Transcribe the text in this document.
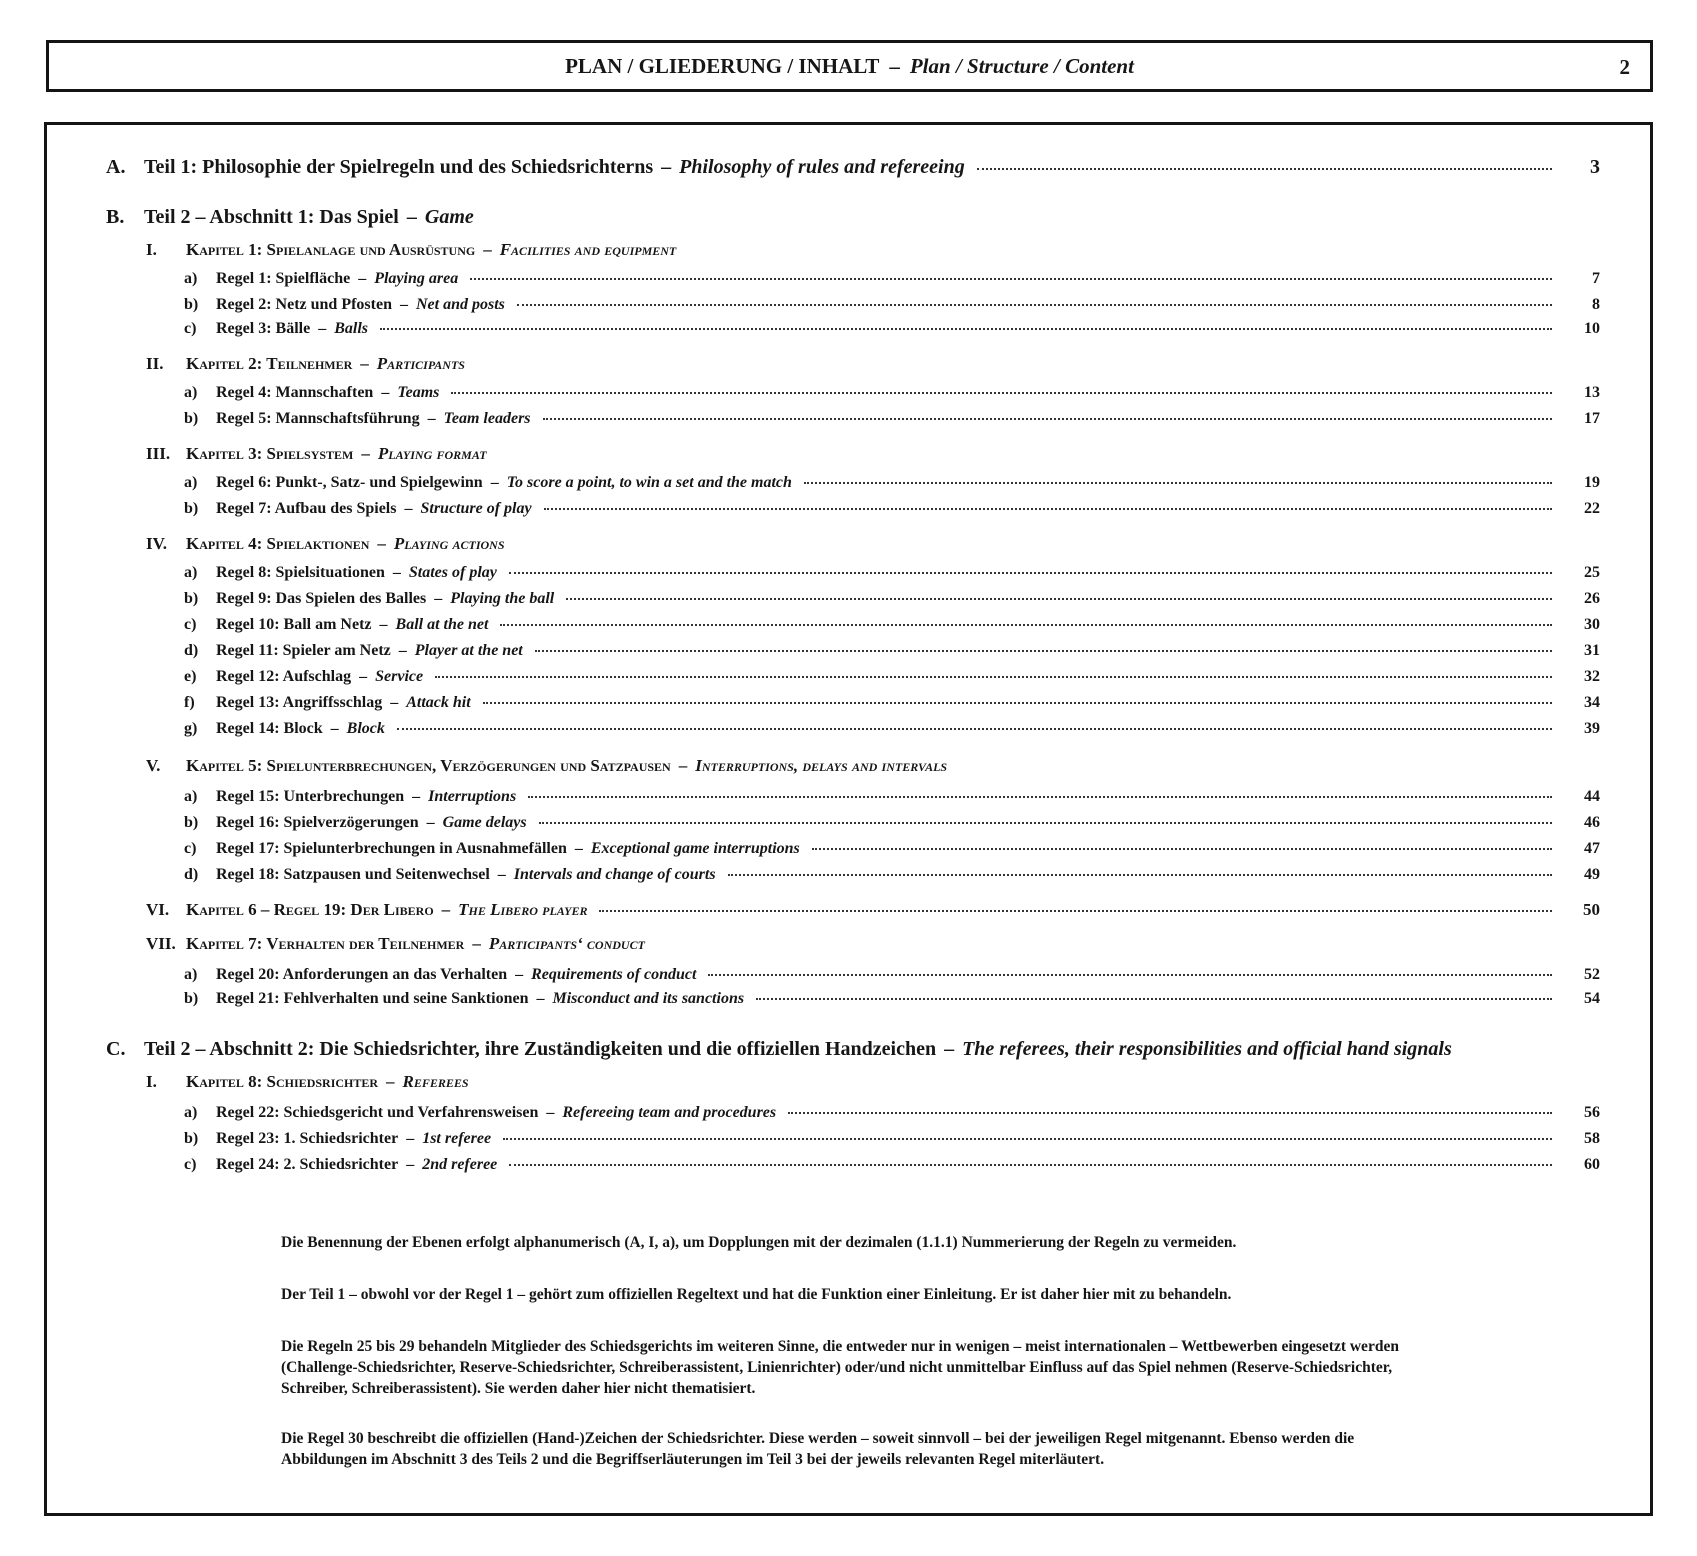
PLAN / GLIEDERUNG / INHALT – Plan / Structure / Content	2
A. Teil 1: Philosophie der Spielregeln und des Schiedsrichterns – Philosophy of rules and refereeing	3
B. Teil 2 – Abschnitt 1: Das Spiel – Game
I.	Kapitel 1: Spielanlage und Ausrüstung – Facilities and equipment
a)	Regel 1: Spielfläche – Playing area	7
b)	Regel 2: Netz und Pfosten – Net and posts	8
c)	Regel 3: Bälle – Balls	10
II.	Kapitel 2: Teilnehmer – Participants
a)	Regel 4: Mannschaften – Teams	13
b)	Regel 5: Mannschaftsführung – Team leaders	17
III. Kapitel 3: Spielsystem – Playing format
a)	Regel 6: Punkt-, Satz- und Spielgewinn – To score a point, to win a set and the match	19
b)	Regel 7: Aufbau des Spiels – Structure of play	22
IV.	Kapitel 4: Spielaktionen – Playing actions
a)	Regel 8: Spielsituationen – States of play	25
b)	Regel 9: Das Spielen des Balles – Playing the ball	26
c)	Regel 10: Ball am Netz – Ball at the net	30
d)	Regel 11: Spieler am Netz – Player at the net	31
e)	Regel 12: Aufschlag – Service	32
f)	Regel 13: Angriffsschlag – Attack hit	34
g)	Regel 14: Block – Block	39
V.	Kapitel 5: Spielunterbrechungen, Verzögerungen und Satzpausen – Interruptions, delays and intervals
a)	Regel 15: Unterbrechungen – Interruptions	44
b)	Regel 16: Spielverzögerungen – Game delays	46
c)	Regel 17: Spielunterbrechungen in Ausnahmefällen – Exceptional game interruptions	47
d)	Regel 18: Satzpausen und Seitenwechsel – Intervals and change of courts	49
VI. Kapitel 6 – Regel 19: Der Libero – The Libero player	50
VII. Kapitel 7: Verhalten der Teilnehmer – Participants‘ conduct
a)	Regel 20: Anforderungen an das Verhalten – Requirements of conduct	52
b)	Regel 21: Fehlverhalten und seine Sanktionen – Misconduct and its sanctions	54
C. Teil 2 – Abschnitt 2: Die Schiedsrichter, ihre Zuständigkeiten und die offiziellen Handzeichen – The referees, their responsibilities and official hand signals
I.	Kapitel 8: Schiedsrichter – Referees
a)	Regel 22: Schiedsgericht und Verfahrensweisen – Refereeing team and procedures	56
b)	Regel 23: 1. Schiedsrichter – 1st referee	58
c)	Regel 24: 2. Schiedsrichter – 2nd referee	60
Die Benennung der Ebenen erfolgt alphanumerisch (A, I, a), um Dopplungen mit der dezimalen (1.1.1) Nummerierung der Regeln zu vermeiden.
Der Teil 1 – obwohl vor der Regel 1 – gehört zum offiziellen Regeltext und hat die Funktion einer Einleitung. Er ist daher hier mit zu behandeln.
Die Regeln 25 bis 29 behandeln Mitglieder des Schiedsgerichts im weiteren Sinne, die entweder nur in wenigen – meist internationalen – Wettbewerben eingesetzt werden (Challenge-Schiedsrichter, Reserve-Schiedsrichter, Schreiberassistent, Linienrichter) oder/und nicht unmittelbar Einfluss auf das Spiel nehmen (Reserve-Schiedsrichter, Schreiber, Schreiberassistent). Sie werden daher hier nicht thematisiert.
Die Regel 30 beschreibt die offiziellen (Hand-)Zeichen der Schiedsrichter. Diese werden – soweit sinnvoll – bei der jeweiligen Regel mitgenannt. Ebenso werden die Abbildungen im Abschnitt 3 des Teils 2 und die Begriffserläuterungen im Teil 3 bei der jeweils relevanten Regel miterläutert.
